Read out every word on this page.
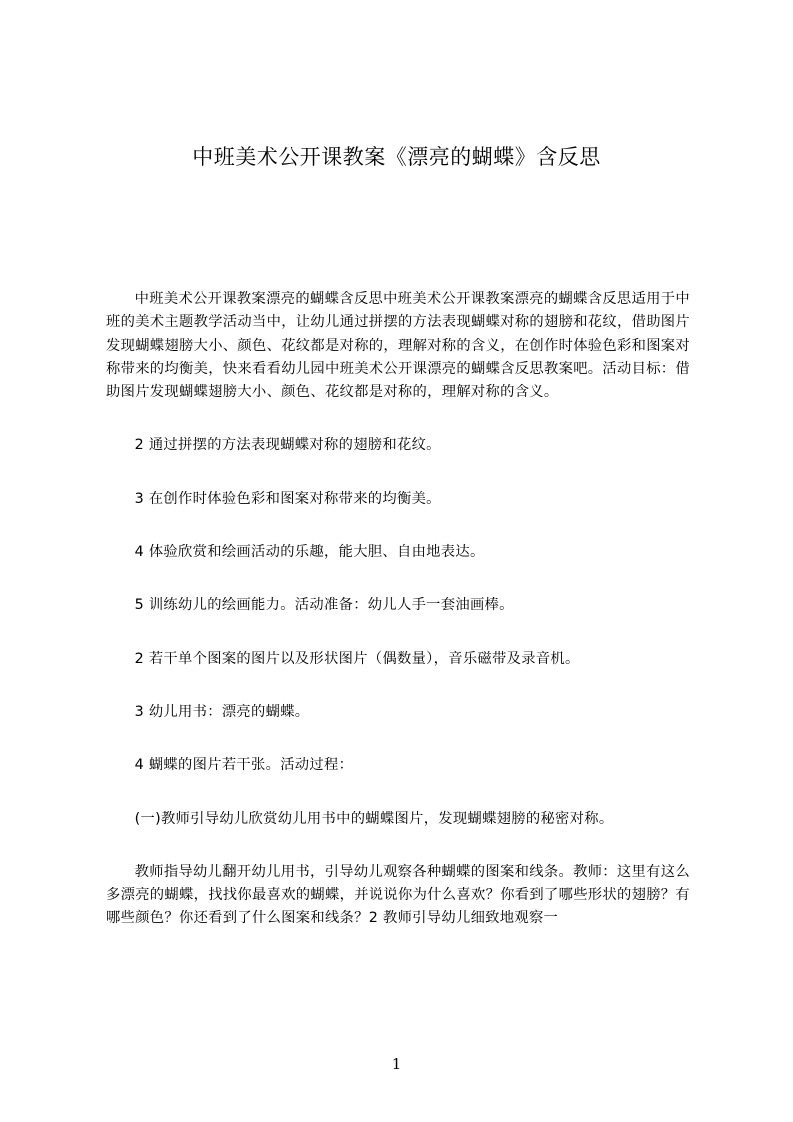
中班美术公开课教案《漂亮的蝴蝶》含反思

中班美术公开课教案漂亮的蝴蝶含反思中班美术公开课教案漂亮的蝴蝶含反思适用于中班的美术主题教学活动当中，让幼儿通过拼摆的方法表现蝴蝶对称的翅膀和花纹，借助图片发现蝴蝶翅膀大小、颜色、花纹都是对称的，理解对称的含义，在创作时体验色彩和图案对称带来的均衡美，快来看看幼儿园中班美术公开课漂亮的蝴蝶含反思教案吧。活动目标：借助图片发现蝴蝶翅膀大小、颜色、花纹都是对称的，理解对称的含义。

2 通过拼摆的方法表现蝴蝶对称的翅膀和花纹。

3 在创作时体验色彩和图案对称带来的均衡美。

4 体验欣赏和绘画活动的乐趣，能大胆、自由地表达。

5 训练幼儿的绘画能力。活动准备：幼儿人手一套油画棒。

2 若干单个图案的图片以及形状图片（偶数量），音乐磁带及录音机。

3 幼儿用书：漂亮的蝴蝶。

4 蝴蝶的图片若干张。活动过程：

(一)教师引导幼儿欣赏幼儿用书中的蝴蝶图片，发现蝴蝶翅膀的秘密对称。

教师指导幼儿翻开幼儿用书，引导幼儿观察各种蝴蝶的图案和线条。教师：这里有这么多漂亮的蝴蝶，找找你最喜欢的蝴蝶，并说说你为什么喜欢？你看到了哪些形状的翅膀？有哪些颜色？你还看到了什么图案和线条？2 教师引导幼儿细致地观察一

1
